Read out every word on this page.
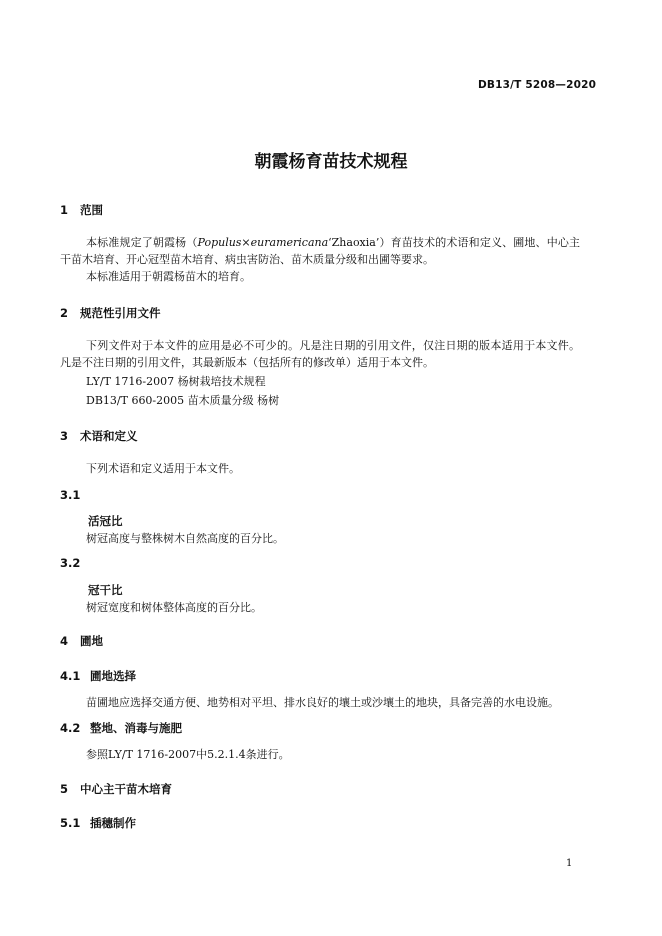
DB13/T 5208—2020
朝霞杨育苗技术规程
1 范围
本标准规定了朝霞杨（Populus×euramericana‘Zhaoxia’）育苗技术的术语和定义、圃地、中心主干苗木培育、开心冠型苗木培育、病虫害防治、苗木质量分级和出圃等要求。
本标准适用于朝霞杨苗木的培育。
2 规范性引用文件
下列文件对于本文件的应用是必不可少的。凡是注日期的引用文件，仅注日期的版本适用于本文件。凡是不注日期的引用文件，其最新版本（包括所有的修改单）适用于本文件。
LY/T 1716-2007 杨树栽培技术规程
DB13/T 660-2005 苗木质量分级 杨树
3 术语和定义
下列术语和定义适用于本文件。
3.1
活冠比
树冠高度与整株树木自然高度的百分比。
3.2
冠干比
树冠宽度和树体整体高度的百分比。
4 圃地
4.1 圃地选择
苗圃地应选择交通方便、地势相对平坦、排水良好的壤土或沙壤土的地块，具备完善的水电设施。
4.2 整地、消毒与施肥
参照LY/T 1716-2007中5.2.1.4条进行。
5 中心主干苗木培育
5.1 插穗制作
1
